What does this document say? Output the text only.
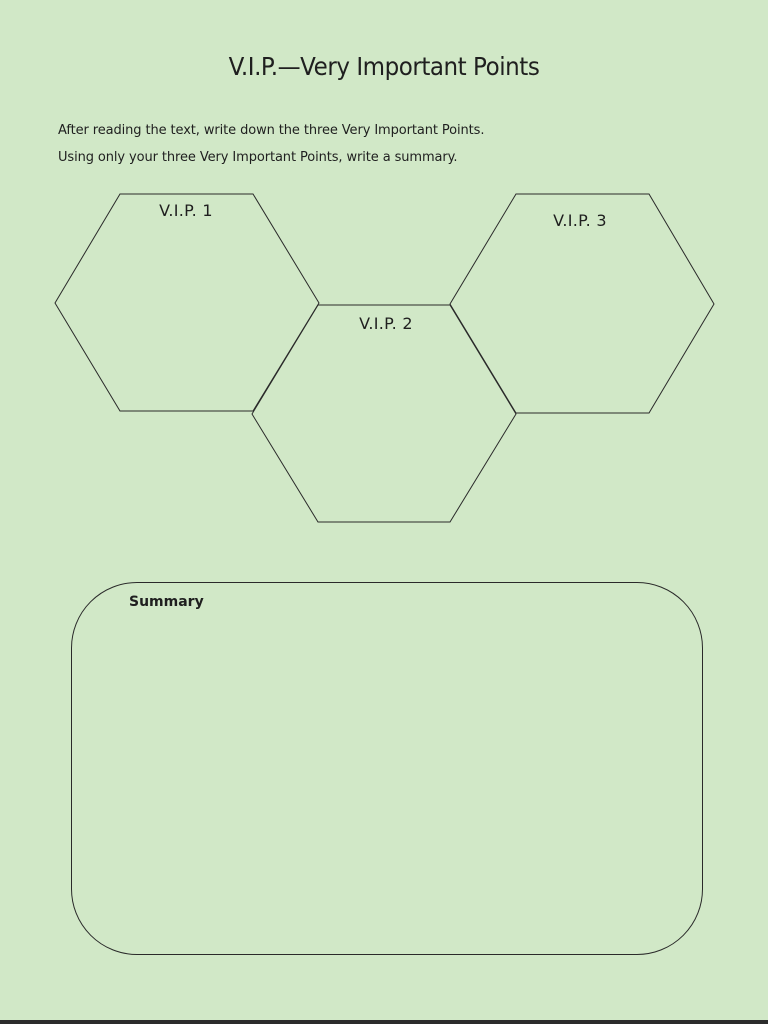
V.I.P.—Very Important Points
After reading the text, write down the three Very Important Points.
Using only your three Very Important Points, write a summary.
V.I.P. 1
V.I.P. 2
V.I.P. 3
Summary
